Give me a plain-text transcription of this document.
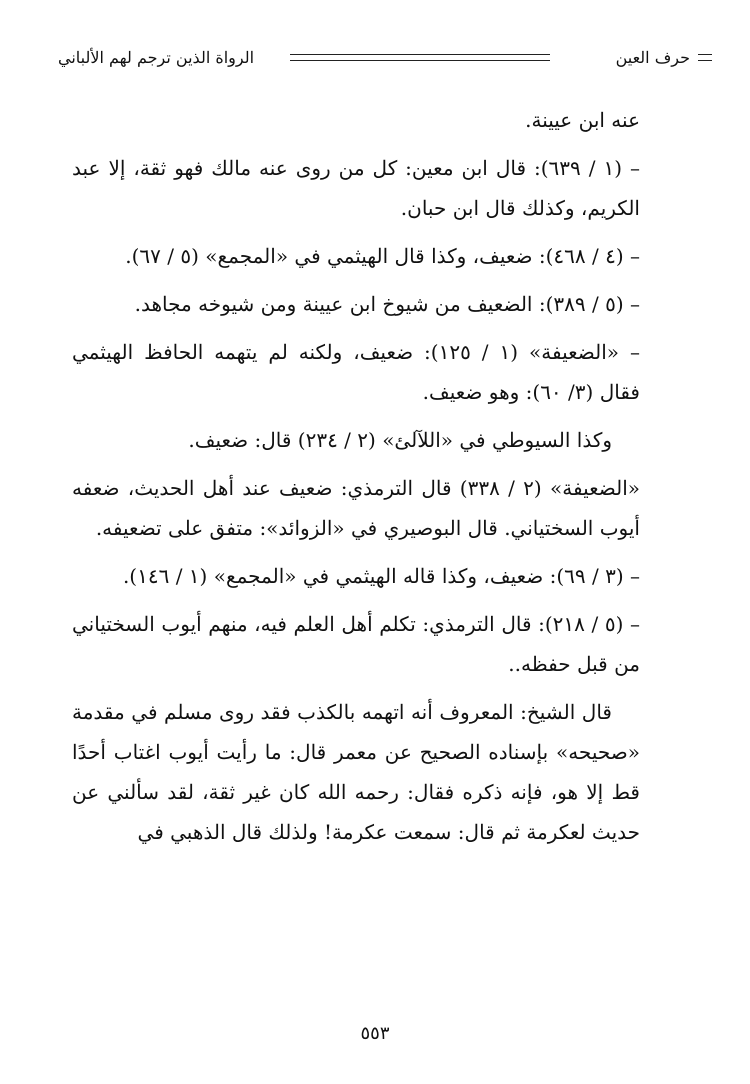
حرف العين
الرواة الذين ترجم لهم الألباني

عنه ابن عيينة.

– (١ / ٦٣٩): قال ابن معين: كل من روى عنه مالك فهو ثقة، إلا عبد الكريم، وكذلك قال ابن حبان.

– (٤ / ٤٦٨): ضعيف، وكذا قال الهيثمي في «المجمع» (٥ / ٦٧).

– (٥ / ٣٨٩): الضعيف من شيوخ ابن عيينة ومن شيوخه مجاهد.

– «الضعيفة» (١ / ١٢٥): ضعيف، ولكنه لم يتهمه الحافظ الهيثمي فقال (٣/ ٦٠): وهو ضعيف.

وكذا السيوطي في «اللآلئ» (٢ / ٢٣٤) قال: ضعيف.

«الضعيفة» (٢ / ٣٣٨) قال الترمذي: ضعيف عند أهل الحديث، ضعفه أيوب السختياني. قال البوصيري في «الزوائد»: متفق على تضعيفه.

– (٣ / ٦٩): ضعيف، وكذا قاله الهيثمي في «المجمع» (١ / ١٤٦).

– (٥ / ٢١٨): قال الترمذي: تكلم أهل العلم فيه، منهم أيوب السختياني من قبل حفظه..

قال الشيخ: المعروف أنه اتهمه بالكذب فقد روى مسلم في مقدمة «صحيحه» بإسناده الصحيح عن معمر قال: ما رأيت أيوب اغتاب أحدًا قط إلا هو، فإنه ذكره فقال: رحمه الله كان غير ثقة، لقد سألني عن حديث لعكرمة ثم قال: سمعت عكرمة! ولذلك قال الذهبي في

٥٥٣
